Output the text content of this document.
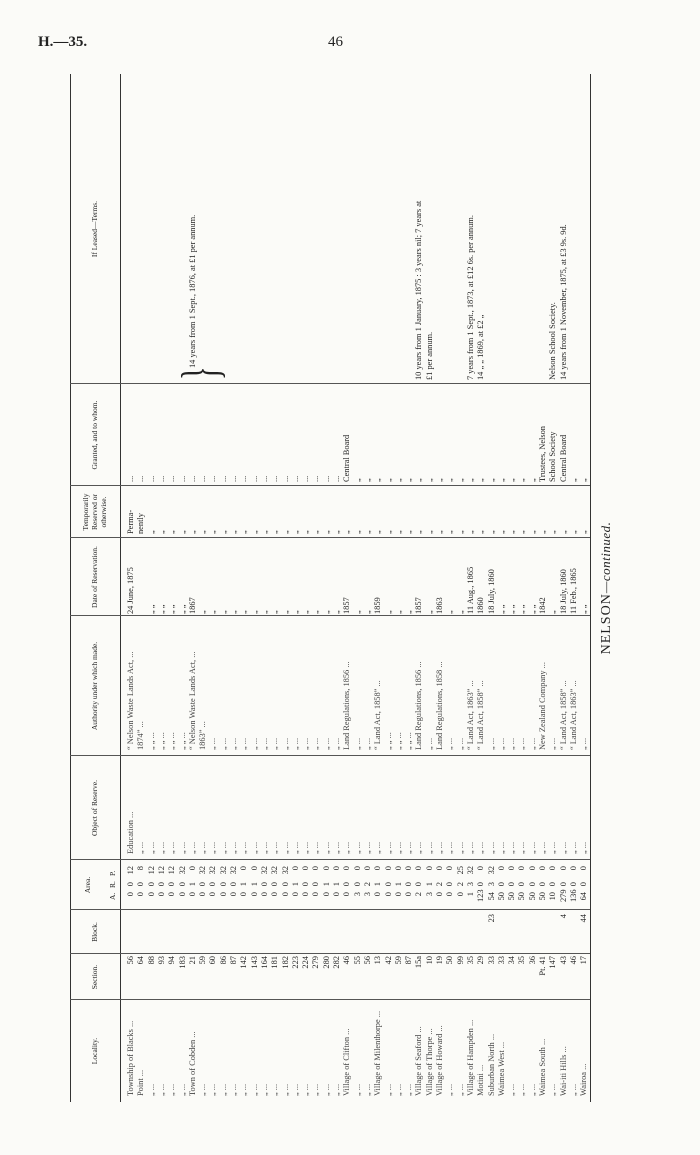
H.—35.	46
NELSON—continued.
Locality.
Section.
Block.
Area.
A.
R.
P.
Object of Reserve.
Authority under which made.
Date of Reservation.
Temporarily Reserved or otherwise.
Granted, and to whom.
If Leased—Terms.
Township of Blacks ...
56
0
0
12
Education ...
“ Nelson Waste Lands Act, ...
24 June, 1875
Perma-
...
Point ...
64
0
0
8
„ ...
1874” ...
nently
...
„ ...
88
0
0
12
„ ...
„ „ ...
„ „
„
...
„ ...
93
0
0
12
„ ...
„ „ ...
„ „
„
...
„ ...
94
0
0
12
„ ...
„ „ ...
„ „
„
...
„ ...
183
0
0
32
„ ...
„ „ ...
„ „
„
...
Town of Cobden ...
21
0
1
0
„ ...
“ Nelson Waste Lands Act, ...
1867
„
...
„ ...
59
0
0
32
„ ...
1863” ...
„
„
...
„ ...
60
0
0
32
„ ...
„ ...
„
„
...
„ ...
86
0
0
32
„ ...
„ ...
„
„
...
„ ...
87
0
0
32
„ ...
„ ...
„
„
...
„ ...
142
0
1
0
„ ...
„ ...
„
„
...
„ ...
143
0
1
0
„ ...
„ ...
„
„
...
„ ...
164
0
0
32
„ ...
„ ...
„
„
...
„ ...
181
0
0
32
„ ...
„ ...
„
„
...
„ ...
182
0
0
32
„ ...
„ ...
„
„
...
„ ...
223
0
1
0
„ ...
„ ...
„
„
...
„ ...
224
0
0
0
„ ...
„ ...
„
„
...
„ ...
279
0
0
0
„ ...
„ ...
„
„
...
„ ...
280
0
1
0
„ ...
„ ...
„
„
...
„ ...
282
0
1
0
„ ...
„ ...
„
„
...
Village of Clifton ...
46
0
0
0
„ ...
Land Regulations, 1856 ...
1857
„
Central Board
„ ...
55
3
0
0
„ ...
„ ...
„
„
„
„ ...
56
3
2
0
„ ...
„ ...
„
„
„
Village of Milenthorpe ...
13
0
1
0
„ ...
“ Land Act, 1858” ...
1859
„
„
„ ...
42
0
0
0
„ ...
„ „ ...
„
„
„
„ ...
59
0
1
0
„ ...
„ „ ...
„
„
„
„ ...
87
0
0
0
„ ...
„ „ ...
„
„
„
Village of Seaford ...
15a
2
0
0
„ ...
Land Regulations, 1856 ...
1857
„
„
10 years from 1 January, 1875 : 3 years nil; 7 years at
Village of Thorpe ...
10
3
1
0
„ ...
„ ...
„
„
„
£1 per annum.
Village of Howard ...
19
0
2
0
„ ...
Land Regulations, 1858 ...
1863
„
„
„ ...
50
0
0
0
„ ...
„ ...
„
„
„
„ ...
99
0
2
25
„ ...
„ ...
„
„
„
Village of Hampden ...
35
1
3
32
„ ...
“ Land Act, 1863” ...
11 Aug., 1865
„
„
7 years from 1 Sept., 1873, at £12 6s. per annum.
Motini ...
29
123
0
0
„ ...
“ Land Act, 1858” ...
1860
„
„
14 „ „ 1869, at £2 „
Suburban North ...
33
23
54
3
32
„ ...
„ ...
18 July, 1860
„
„
Waimea West ...
33
50
0
0
„ ...
„ ...
„ „
„
„
„ ...
34
50
0
0
„ ...
„ ...
„ „
„
„
„ ...
35
50
0
0
„ ...
„ ...
„ „
„
„
„ ...
36
50
0
0
„ ...
„ ...
„ „
„
„
Waimea South ...
Pt. 41
50
0
0
„ ...
New Zealand Company ...
1842
„
Trustees, Nelson
„ ...
147
10
0
0
„ ...
„ ...
„
„
School Society
Nelson School Society.
Wai-iti Hills ...
43
4
279
0
0
„ ...
“ Land Act, 1858” ...
18 July, 1860
„
Central Board
14 years from 1 November, 1875, at £3 9s. 9d.
„ ...
46
136
0
0
„ ...
“ Land Act, 1863” ...
11 Feb., 1865
„
„
Wairoa ...
17
44
64
0
0
„ ...
„ ...
„ „
„
„
}
14 years from 1 Sept., 1876, at £1 per annum.
